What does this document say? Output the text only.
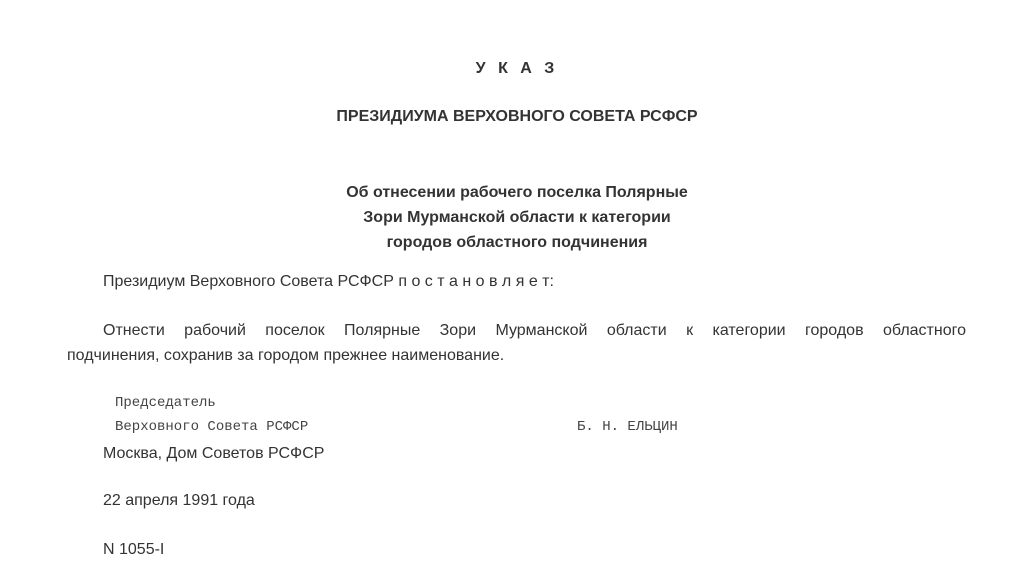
У К А З
ПРЕЗИДИУМА ВЕРХОВНОГО СОВЕТА РСФСР
Об отнесении рабочего поселка Полярные
Зори Мурманской области к категории
городов областного подчинения
Президиум Верховного Совета РСФСР п о с т а н о в л я е т:
Отнести рабочий поселок Полярные Зори Мурманской области к категории городов областного
подчинения, сохранив за городом прежнее наименование.
Председатель
Верховного Совета РСФСР	Б. Н. ЕЛЬЦИН
Москва, Дом Советов РСФСР
22 апреля 1991 года
N 1055-I
